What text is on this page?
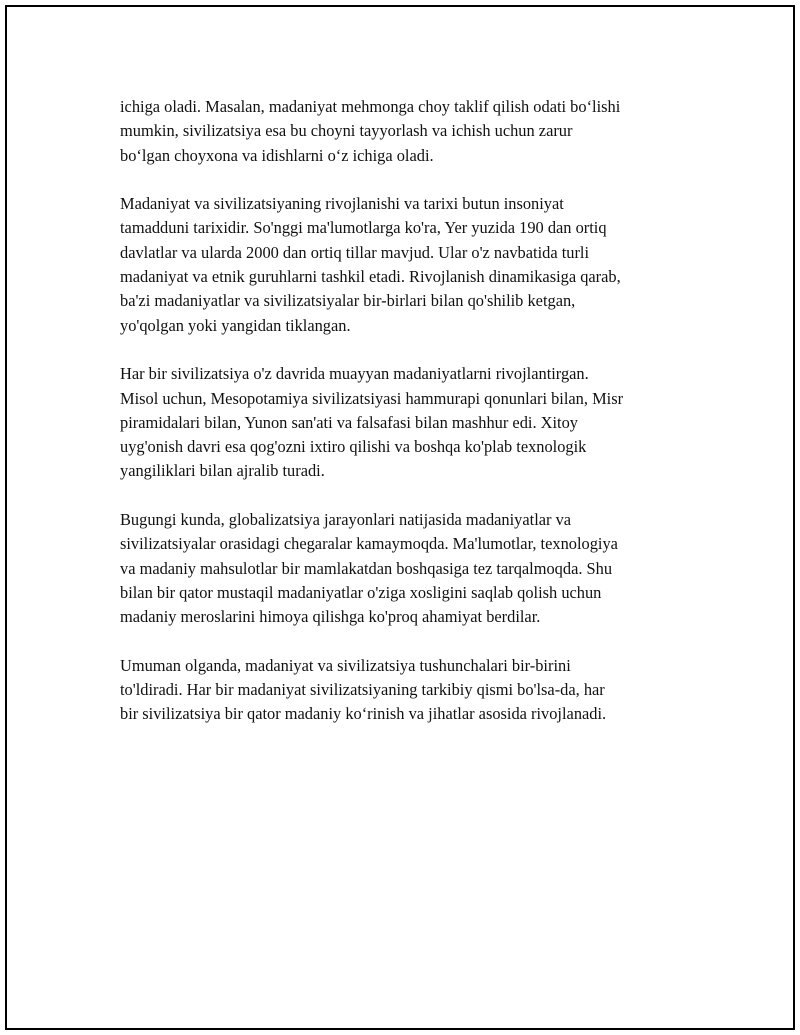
ichiga oladi. Masalan, madaniyat mehmonga choy taklif qilish odati bo‘lishi
mumkin, sivilizatsiya esa bu choyni tayyorlash va ichish uchun zarur
bo‘lgan choyxona va idishlarni o‘z ichiga oladi.

Madaniyat va sivilizatsiyaning rivojlanishi va tarixi butun insoniyat
tamadduni tarixidir. So'nggi ma'lumotlarga ko'ra, Yer yuzida 190 dan ortiq
davlatlar va ularda 2000 dan ortiq tillar mavjud. Ular o'z navbatida turli
madaniyat va etnik guruhlarni tashkil etadi. Rivojlanish dinamikasiga qarab,
ba'zi madaniyatlar va sivilizatsiyalar bir-birlari bilan qo'shilib ketgan,
yo'qolgan yoki yangidan tiklangan.

Har bir sivilizatsiya o'z davrida muayyan madaniyatlarni rivojlantirgan.
Misol uchun, Mesopotamiya sivilizatsiyasi hammurapi qonunlari bilan, Misr
piramidalari bilan, Yunon san'ati va falsafasi bilan mashhur edi. Xitoy
uyg'onish davri esa qog'ozni ixtiro qilishi va boshqa ko'plab texnologik
yangiliklari bilan ajralib turadi.

Bugungi kunda, globalizatsiya jarayonlari natijasida madaniyatlar va
sivilizatsiyalar orasidagi chegaralar kamaymoqda. Ma'lumotlar, texnologiya
va madaniy mahsulotlar bir mamlakatdan boshqasiga tez tarqalmoqda. Shu
bilan bir qator mustaqil madaniyatlar o'ziga xosligini saqlab qolish uchun
madaniy meroslarini himoya qilishga ko'proq ahamiyat berdilar.

Umuman olganda, madaniyat va sivilizatsiya tushunchalari bir-birini
to'ldiradi. Har bir madaniyat sivilizatsiyaning tarkibiy qismi bo'lsa-da, har
bir sivilizatsiya bir qator madaniy ko‘rinish va jihatlar asosida rivojlanadi.
